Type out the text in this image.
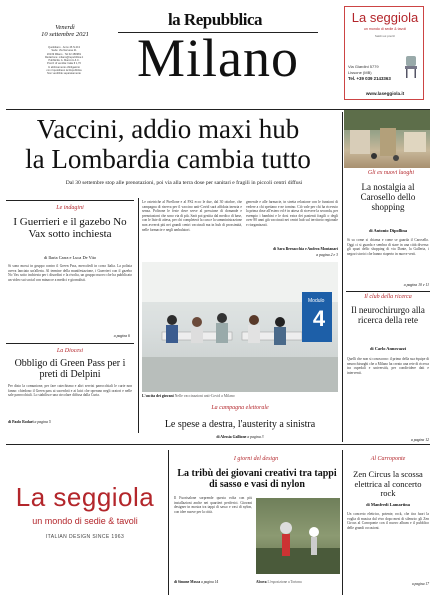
Venerdì
10 settembre 2021
Quotidiano · Anno 46 N.213
Sede: Via Nervesa 21
20139 Milano · Tel 02 480981
Redazione: milano@repubblica.it
Pubblicità: A. Manzoni & C.
Prezzi di vendita: Italia € 1,70
In abbinamento obbligatorio
con il quotidiano la Repubblica
Non vendibile separatamente
la Repubblica
Milano
La seggiola
un mondo di sedie & tavoli
Saldi sui prezzi
Via Giardini 5779
Lissone (MB)
Tel. +39 039 2143363
www.laseggiola.it
Vaccini, addio maxi hub
la Lombardia cambia tutto
Dal 30 settembre stop alle prenotazioni, poi via alla terra dose per sanitari e fragili in piccoli centri diffusi
Gli ex nuovi luoghi
Le indagini
I Guerrieri e il gazebo No Vax sotto inchiesta
di Ilaria Carra e Luca De Vito
Si sono mossi in gruppo contro il Green Pass, mercoledì in corso Italia. La polizia aveva lanciato un'allerta. Al termine della manifestazione, i Guerrieri con il gazebo No Vax sotto inchiesta per i disordini e la rivolta, un gruppo nuovo che ha pubblicato un video sui social con minacce a medici e giornalisti.
a pagina 6
La Diocesi
Obbligo di Green Pass per i preti di Delpini
Per disto la comunione, per fare catechismo e altri servizi parrocchiali le curie non fanno: chiedono il Green pass ai sacerdoti e ai laici che operano negli oratori e nelle sale parrocchiali. Lo stabilisce una circolare diffusa dalla Curia.
di Paolo Rodari a pagina 5
Le ostetriche al Pirellone e al FS2 ecco le due, dal 30 ottobre, che campagna di riserva per il vaccino anti-Covid sarà affidata inerzia e senza. Poltrone le feste dove serve al pressione di domande e prenotazioni che sono via di più. Sarà poi gestita dal medico di base, con le liste di attesa, per chi completerà la cura e la somministrazione non avverrà più nei grandi centri vaccinali ma in hub di prossimità, nelle farmacie e negli ambulatori.
generale e alle farmacie, in stretta relazione con le funzioni di vedere a chi spettano e ne tornino. Ciò vale per chi ha ricevuto la prima dose all'estero ed è in attesa di ricevere la seconda, per esempio i bambini e le dosi extra dei pazienti fragili o degli over 80 anni già vaccinati nei centri hub sul territorio regionale e riorganizzati.
di Sara Bernacchia e Andrea Montanari
a pagina 2 e 3
Modulo
4
L'uscita dei giovani Nelle vaccinazioni anti-Covid a Milano
La campagna elettorale
Le spese a destra, l'austerity a sinistra
di Alessia Gallione a pagina 3
La nostalgia al Carosello dello shopping
di Antonio Dipollina
Si sa come si chiama e come se guarda il Carosello. Oggi ci si guarda e sembra di stare in una città diversa: gli spazi dello shopping di via Dante, la Galleria, i negozi storici che hanno riaperto in nuove vesti.
a pagina 10 e 11
Il club della ricerca
Il neurochirurgo alla ricerca della rete
di Carlo Annovazzi
Quelli che non si conoscono: il primo della sua équipe di neurochirurghi che a Milano ha creato una rete di ricerca tra ospedali e università, per condividere dati e interventi.
a pagina 12
La seggiola
un mondo di sedie & tavoli
ITALIAN DESIGN SINCE 1963
I giorni del design
La tribù dei giovani creativi tra tappi di sasso e vasi di nylon
Il Fuorisalone sorprende questa volta con più installazioni anche nei quartieri periferici. Giovani designer in mostra tra tappi di sasso e vasi di nylon, con idee nuove per la città.
di Simone Mosca a pagina 14	Alcova L'esposizione a Tortona
Al Carroponte
Zen Circus la scossa elettrica al concerto rock
di Manfredi Lamartina
Un concerto elettrico, potente, rock, che tira fuori la voglia di musica dal vivo dopo mesi di silenzio: gli Zen Circus al Carroponte con il nuovo album e il pubblico delle grandi occasioni.
a pagina 17
